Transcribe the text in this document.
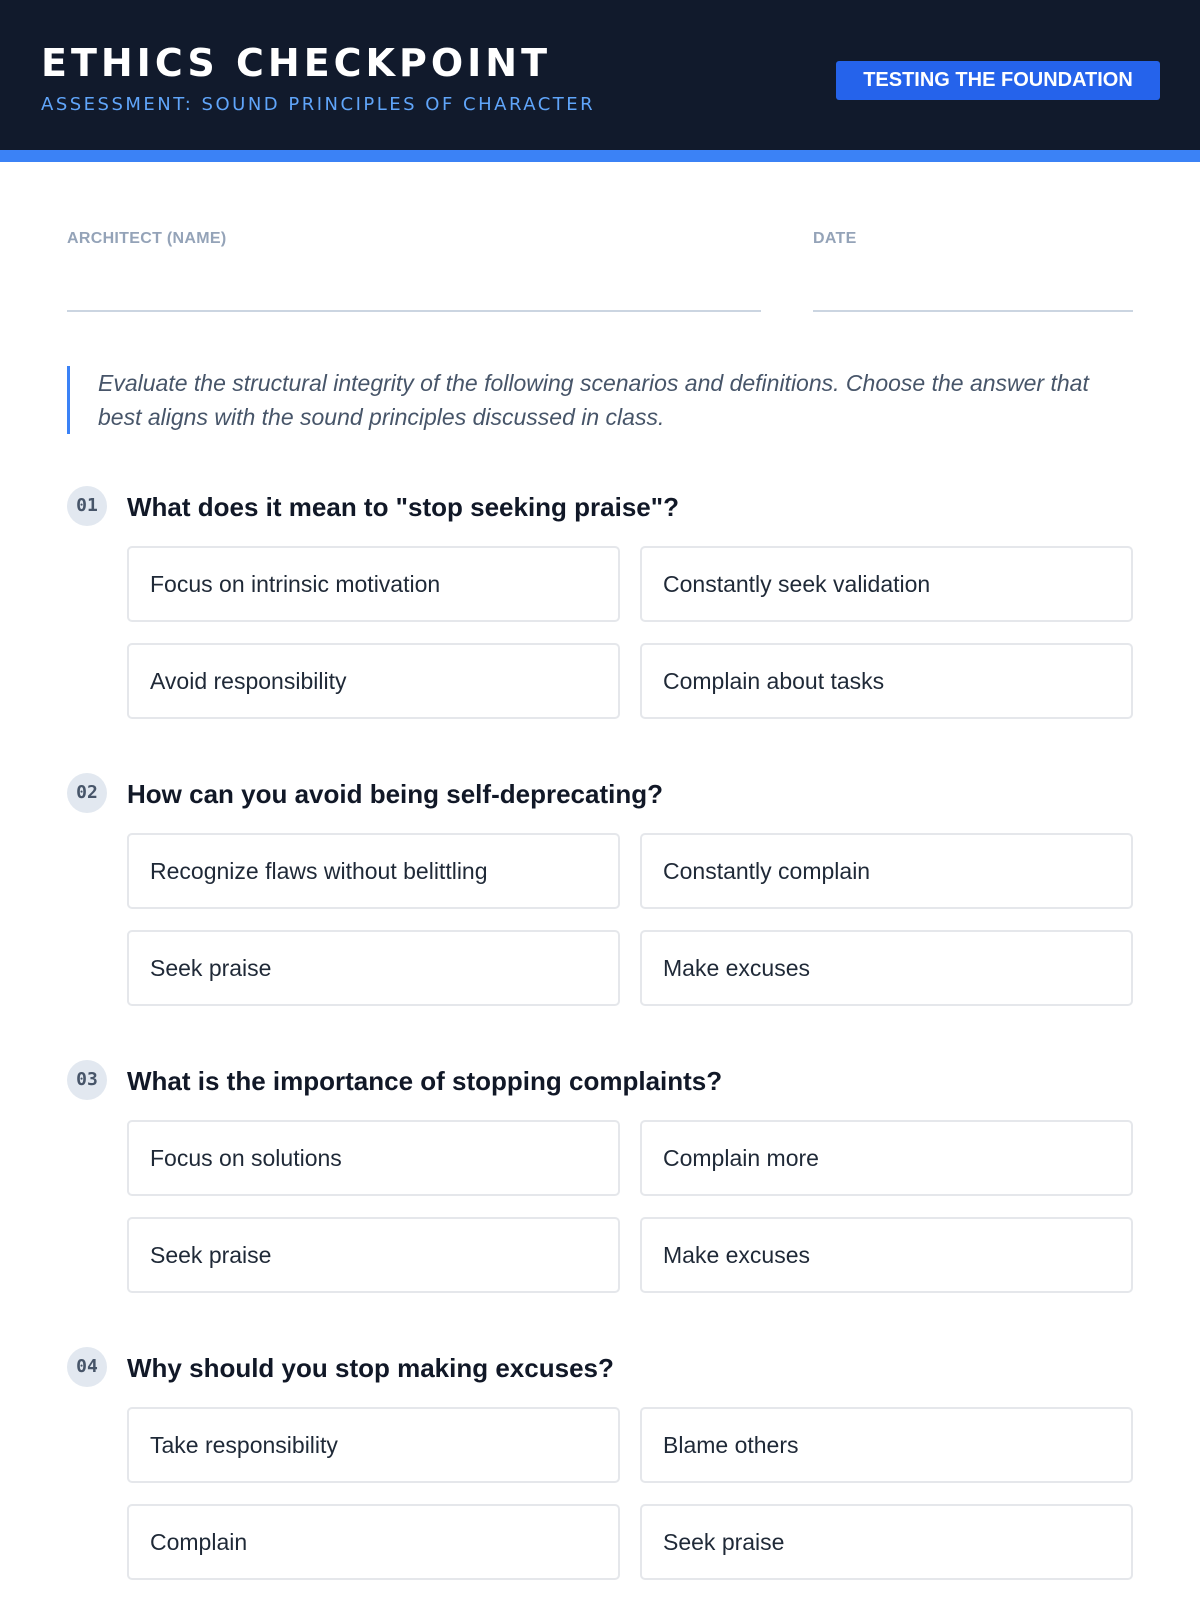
ETHICS CHECKPOINT
ASSESSMENT: SOUND PRINCIPLES OF CHARACTER
TESTING THE FOUNDATION
ARCHITECT (NAME)	DATE
Evaluate the structural integrity of the following scenarios and definitions. Choose the answer that best aligns with the sound principles discussed in class.
01	What does it mean to "stop seeking praise"?
Focus on intrinsic motivation	Constantly seek validation
Avoid responsibility	Complain about tasks
02	How can you avoid being self-deprecating?
Recognize flaws without belittling	Constantly complain
Seek praise	Make excuses
03	What is the importance of stopping complaints?
Focus on solutions	Complain more
Seek praise	Make excuses
04	Why should you stop making excuses?
Take responsibility	Blame others
Complain	Seek praise
